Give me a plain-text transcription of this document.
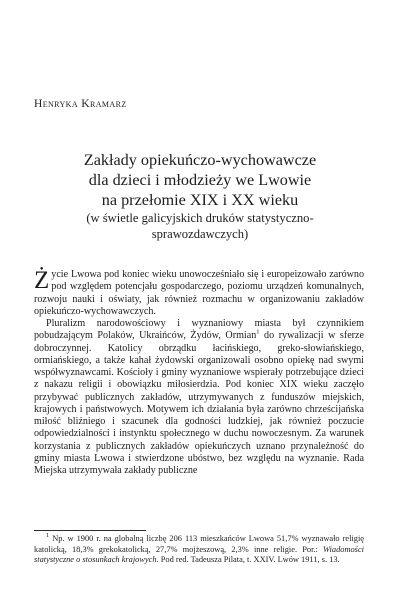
Henryka Kramarz
Zakłady opiekuńczo-wychowawcze
dla dzieci i młodzieży we Lwowie
na przełomie XIX i XX wieku
(w świetle galicyjskich druków statystyczno-
sprawozdawczych)

Życie Lwowa pod koniec wieku unowocześniało się i europeizowało zarówno pod względem potencjału gospodarczego, poziomu urządzeń komunalnych, rozwoju nauki i oświaty, jak również rozmachu w organizowaniu zakładów opiekuńczo-wychowawczych.

Pluralizm narodowościowy i wyznaniowy miasta był czynnikiem pobudzającym Polaków, Ukraińców, Żydów, Ormian$^1$ do rywalizacji w sferze dobroczynnej. Katolicy obrządku łacińskiego, greko-słowiańskiego, ormiańskiego, a także kahał żydowski organizowali osobno opiekę nad swymi współwyznawcami. Kościoły i gminy wyznaniowe wspierały potrzebujące dzieci z nakazu religii i obowiązku miłosierdzia. Pod koniec XIX wieku zaczęło przybywać publicznych zakładów, utrzymywanych z funduszów miejskich, krajowych i państwowych. Motywem ich działania była zarówno chrześcijańska miłość bliźniego i szacunek dla godności ludzkiej, jak również poczucie odpowiedzialności i instynktu społecznego w duchu nowoczesnym. Za warunek korzystania z publicznych zakładów opiekuńczych uznano przynależność do gminy miasta Lwowa i stwierdzone ubóstwo, bez względu na wyznanie. Rada Miejska utrzymywała zakłady publiczne

$^1$ Np. w 1900 r. na globalną liczbę 206 113 mieszkańców Lwowa 51,7% wyznawało religię katolicką, 18,3% grekokatolicką, 27,7% mojżeszową, 2,3% inne religie. Por.: Wiadomości statystyczne o stosunkach krajowych. Pod red. Tadeusza Pilata, t. XXIV. Lwów 1911, s. 13.
